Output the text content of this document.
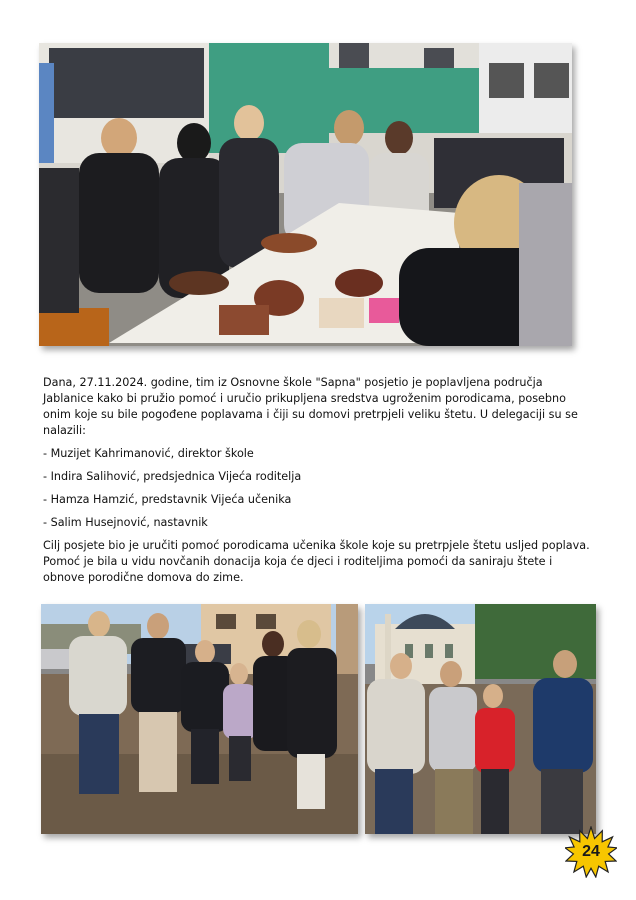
Dana, 27.11.2024. godine, tim iz Osnovne škole "Sapna" posjetio je poplavljena područja Jablanice kako bi pružio pomoć i uručio prikupljena sredstva ugroženim porodicama, posebno onim koje su bile pogođene poplavama i čiji su domovi pretrpjeli veliku štetu. U delegaciji su se nalazili:

- Muzijet Kahrimanović, direktor škole
- Indira Salihović, predsjednica Vijeća roditelja
- Hamza Hamzić, predstavnik Vijeća učenika
- Salim Husejnović, nastavnik

Cilj posjete bio je uručiti pomoć porodicama učenika škole koje su pretrpjele štetu usljed poplava. Pomoć je bila u vidu novčanih donacija koja će djeci i roditeljima pomoći da saniraju štete i obnove porodične domova do zime.

24
